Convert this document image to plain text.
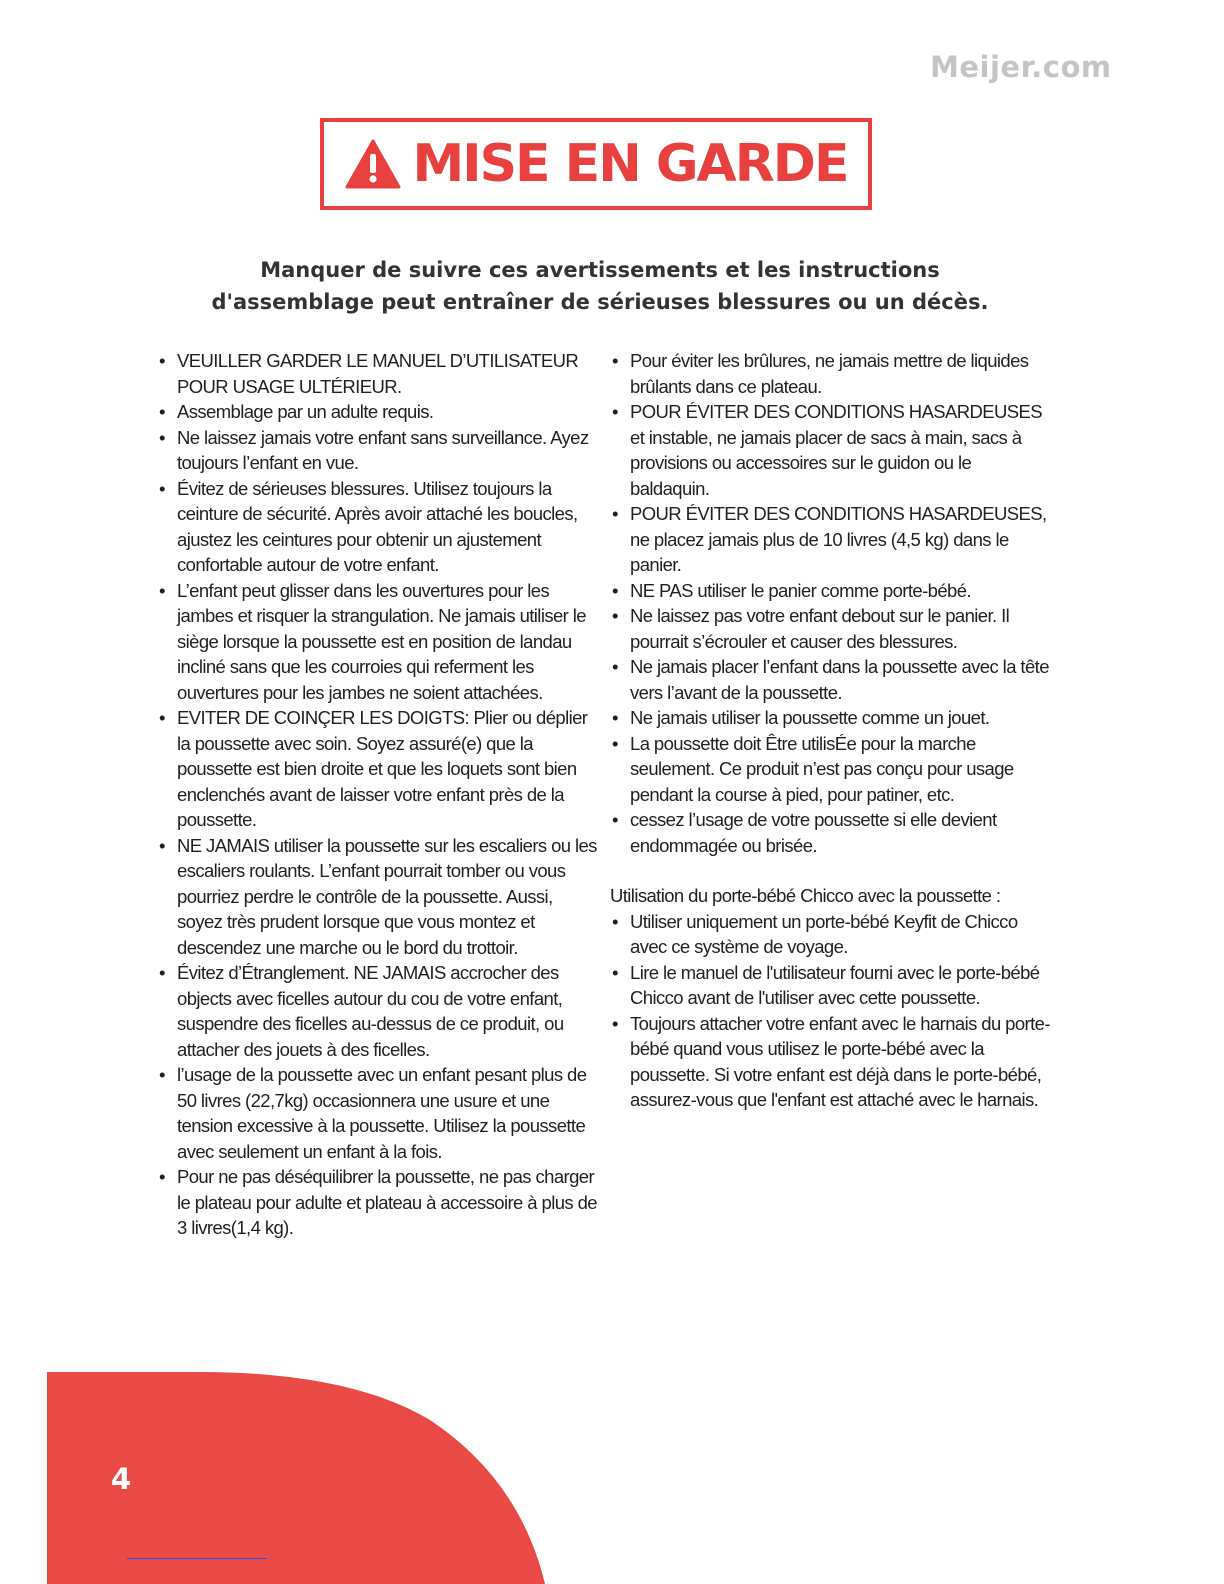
Meijer.com
MISE EN GARDE

Manquer de suivre ces avertissements et les instructions

d'assemblage peut entraîner de sérieuses blessures ou un décès.

• VEUILLER GARDER LE MANUEL D’UTILISATEUR POUR USAGE ULTÉRIEUR.
• Assemblage par un adulte requis.
• Ne laissez jamais votre enfant sans surveillance. Ayez toujours l’enfant en vue.
• Évitez de sérieuses blessures. Utilisez toujours la ceinture de sécurité. Après avoir attaché les boucles, ajustez les ceintures pour obtenir un ajustement confortable autour de votre enfant.
• L’enfant peut glisser dans les ouvertures pour les jambes et risquer la strangulation. Ne jamais utiliser le siège lorsque la poussette est en position de landau incliné sans que les courroies qui referment les ouvertures pour les jambes ne soient attachées.
• EVITER DE COINÇER LES DOIGTS: Plier ou déplier la poussette avec soin. Soyez assuré(e) que la poussette est bien droite et que les loquets sont bien enclenchés avant de laisser votre enfant près de la poussette.
• NE JAMAIS utiliser la poussette sur les escaliers ou les escaliers roulants. L’enfant pourrait tomber ou vous pourriez perdre le contrôle de la poussette. Aussi, soyez très prudent lorsque que vous montez et descendez une marche ou le bord du trottoir.
• Évitez d’Étranglement. NE JAMAIS accrocher des objects avec ficelles autour du cou de votre enfant, suspendre des ficelles au-dessus de ce produit, ou attacher des jouets à des ficelles.
• l’usage de la poussette avec un enfant pesant plus de 50 livres (22,7kg) occasionnera une usure et une tension excessive à la poussette. Utilisez la poussette avec seulement un enfant à la fois.
• Pour ne pas déséquilibrer la poussette, ne pas charger le plateau pour adulte et plateau à accessoire à plus de 3 livres(1,4 kg).
• Pour éviter les brûlures, ne jamais mettre de liquides brûlants dans ce plateau.
• POUR ÉVITER DES CONDITIONS HASARDEUSES et instable, ne jamais placer de sacs à main, sacs à provisions ou accessoires sur le guidon ou le baldaquin.
• POUR ÉVITER DES CONDITIONS HASARDEUSES, ne placez jamais plus de 10 livres (4,5 kg) dans le panier.
• NE PAS utiliser le panier comme porte-bébé.
• Ne laissez pas votre enfant debout sur le panier. Il pourrait s’écrouler et causer des blessures.
• Ne jamais placer l’enfant dans la poussette avec la tête vers l’avant de la poussette.
• Ne jamais utiliser la poussette comme un jouet.
• La poussette doit Être utilisÉe pour la marche seulement. Ce produit n’est pas conçu pour usage pendant la course à pied, pour patiner, etc.
• cessez l’usage de votre poussette si elle devient endommagée ou brisée.

Utilisation du porte-bébé Chicco avec la poussette :

• Utiliser uniquement un porte-bébé Keyfit de Chicco avec ce système de voyage.
• Lire le manuel de l'utilisateur fourni avec le porte-bébé Chicco avant de l'utiliser avec cette poussette.
• Toujours attacher votre enfant avec le harnais du porte-bébé quand vous utilisez le porte-bébé avec la poussette. Si votre enfant est déjà dans le porte-bébé, assurez-vous que l'enfant est attaché avec le harnais.
4
